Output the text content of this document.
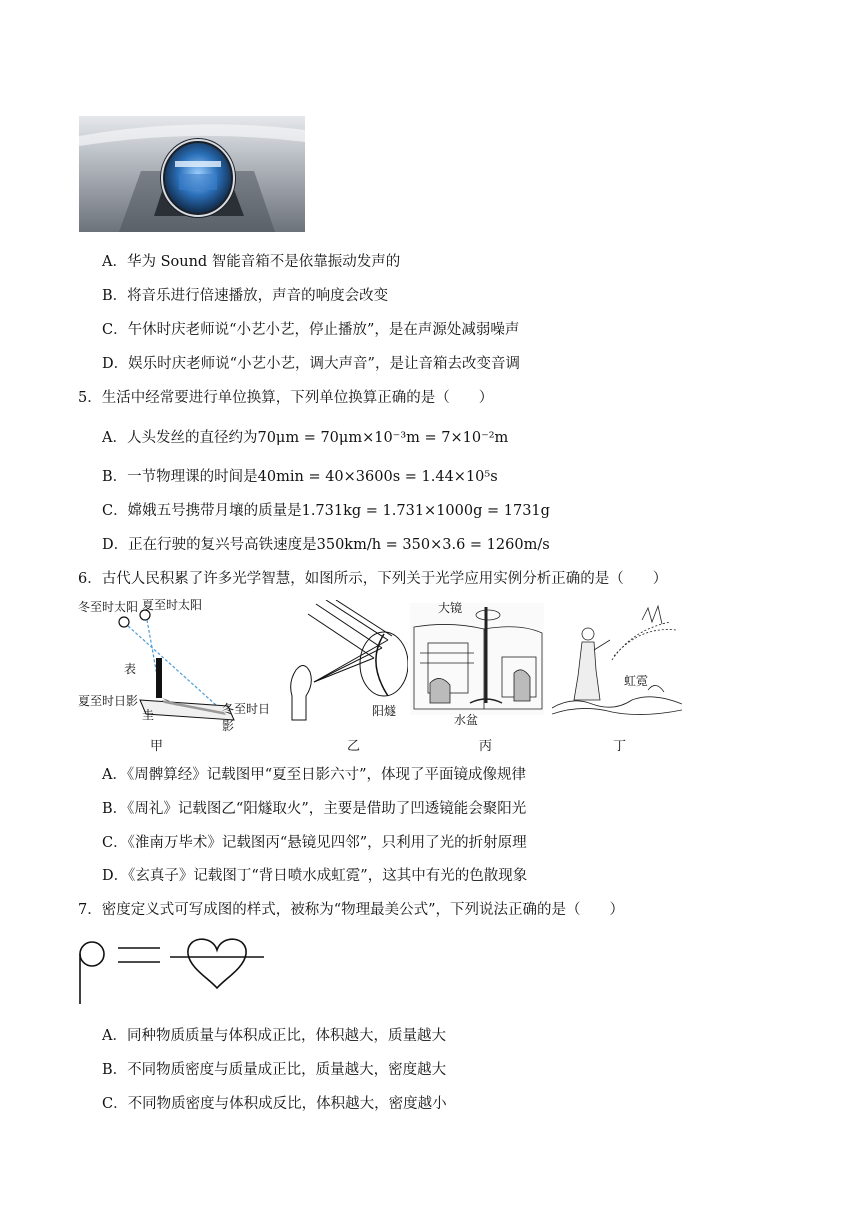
A．华为 Sound 智能音箱不是依靠振动发声的
B．将音乐进行倍速播放，声音的响度会改变
C．午休时庆老师说“小艺小艺，停止播放”，是在声源处减弱噪声
D．娱乐时庆老师说“小艺小艺，调大声音”，是让音箱去改变音调
5．生活中经常要进行单位换算，下列单位换算正确的是（　　）
A．人头发丝的直径约为70μm = 70μm×10⁻³m = 7×10⁻²m
B．一节物理课的时间是40min = 40×3600s = 1.44×10⁵s
C．嫦娥五号携带月壤的质量是1.731kg = 1.731×1000g = 1731g
D．正在行驶的复兴号高铁速度是350km/h = 350×3.6 = 1260m/s
6．古代人民积累了许多光学智慧，如图所示，下列关于光学应用实例分析正确的是（　　）
冬至时太阳 夏至时太阳
表
夏至时日影
圭	冬至时日影
阳燧
大镜
水盆
虹霓
甲	乙	丙	丁
A．《周髀算经》记载图甲“夏至日影六寸”，体现了平面镜成像规律
B．《周礼》记载图乙“阳燧取火”，主要是借助了凹透镜能会聚阳光
C．《淮南万毕术》记载图丙“悬镜见四邻”，只利用了光的折射原理
D．《玄真子》记载图丁“背日喷水成虹霓”，这其中有光的色散现象
7．密度定义式可写成图的样式，被称为“物理最美公式”，下列说法正确的是（　　）
A．同种物质质量与体积成正比，体积越大，质量越大
B．不同物质密度与质量成正比，质量越大，密度越大
C．不同物质密度与体积成反比，体积越大，密度越小
